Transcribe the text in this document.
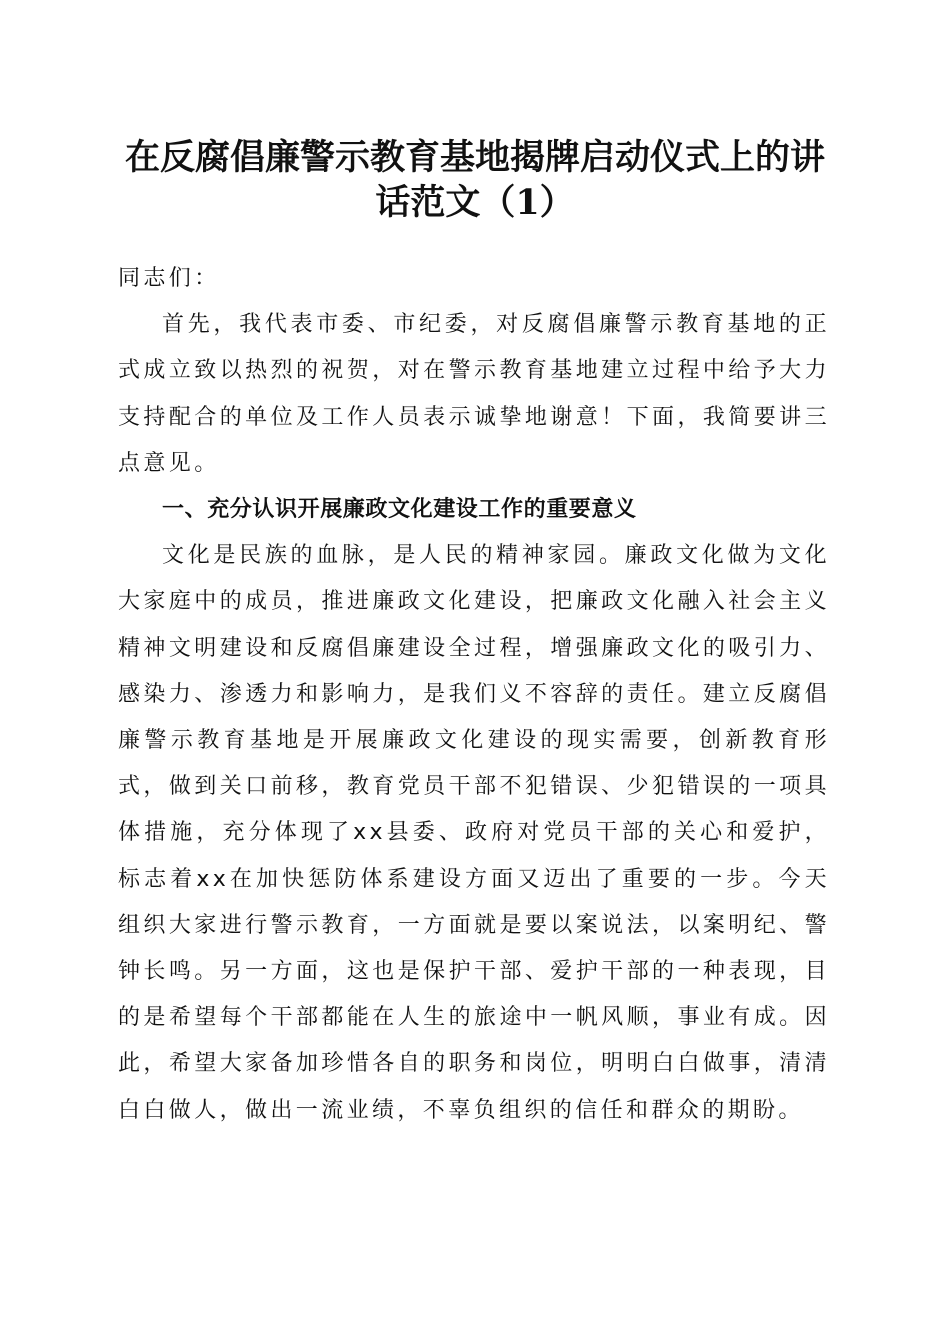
在反腐倡廉警示教育基地揭牌启动仪式上的讲
话范文（1）

同志们：

首先，我代表市委、市纪委，对反腐倡廉警示教育基地的正式成立致以热烈的祝贺，对在警示教育基地建立过程中给予大力支持配合的单位及工作人员表示诚挚地谢意！下面，我简要讲三点意见。

一、充分认识开展廉政文化建设工作的重要意义

文化是民族的血脉，是人民的精神家园。廉政文化做为文化大家庭中的成员，推进廉政文化建设，把廉政文化融入社会主义精神文明建设和反腐倡廉建设全过程，增强廉政文化的吸引力、感染力、渗透力和影响力，是我们义不容辞的责任。建立反腐倡廉警示教育基地是开展廉政文化建设的现实需要，创新教育形式，做到关口前移，教育党员干部不犯错误、少犯错误的一项具体措施，充分体现了xx县委、政府对党员干部的关心和爱护，标志着xx在加快惩防体系建设方面又迈出了重要的一步。今天组织大家进行警示教育，一方面就是要以案说法，以案明纪、警钟长鸣。另一方面，这也是保护干部、爱护干部的一种表现，目的是希望每个干部都能在人生的旅途中一帆风顺，事业有成。因此，希望大家备加珍惜各自的职务和岗位，明明白白做事，清清白白做人，做出一流业绩，不辜负组织的信任和群众的期盼。
